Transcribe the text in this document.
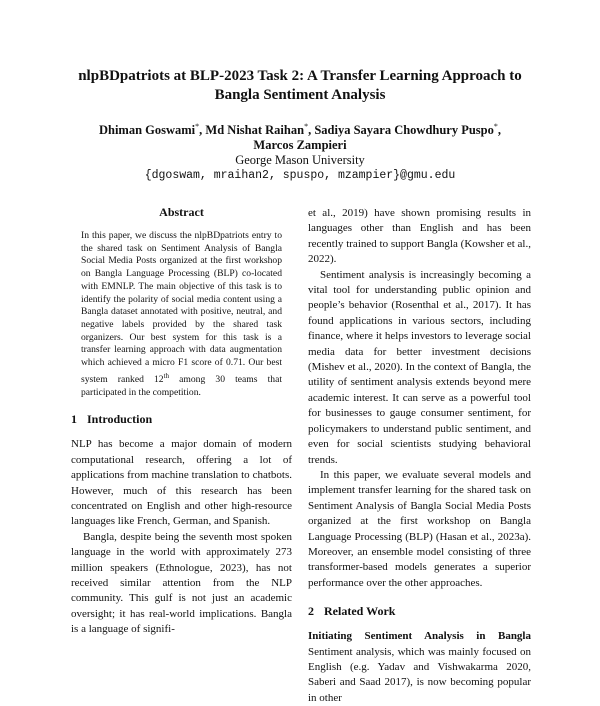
nlpBDpatriots at BLP-2023 Task 2: A Transfer Learning Approach to Bangla Sentiment Analysis
Dhiman Goswami*, Md Nishat Raihan*, Sadiya Sayara Chowdhury Puspo*,
Marcos Zampieri
George Mason University
{dgoswam, mraihan2, spuspo, mzampier}@gmu.edu
Abstract
In this paper, we discuss the nlpBDpatriots entry to the shared task on Sentiment Analysis of Bangla Social Media Posts organized at the first workshop on Bangla Language Processing (BLP) co-located with EMNLP. The main objective of this task is to identify the polarity of social media content using a Bangla dataset annotated with positive, neutral, and negative labels provided by the shared task organizers. Our best system for this task is a transfer learning approach with data augmentation which achieved a micro F1 score of 0.71. Our best system ranked 12th among 30 teams that participated in the competition.
1 Introduction

NLP has become a major domain of modern computational research, offering a lot of applications from machine translation to chatbots. However, much of this research has been concentrated on English and other high-resource languages like French, German, and Spanish.

Bangla, despite being the seventh most spoken language in the world with approximately 273 million speakers (Ethnologue, 2023), has not received similar attention from the NLP community. This gulf is not just an academic oversight; it has real-world implications. Bangla is a language of signifi-

et al., 2019) have shown promising results in languages other than English and has been recently trained to support Bangla (Kowsher et al., 2022).

Sentiment analysis is increasingly becoming a vital tool for understanding public opinion and people’s behavior (Rosenthal et al., 2017). It has found applications in various sectors, including finance, where it helps investors to leverage social media data for better investment decisions (Mishev et al., 2020). In the context of Bangla, the utility of sentiment analysis extends beyond mere academic interest. It can serve as a powerful tool for businesses to gauge consumer sentiment, for policymakers to understand public sentiment, and even for social scientists studying behavioral trends.

In this paper, we evaluate several models and implement transfer learning for the shared task on Sentiment Analysis of Bangla Social Media Posts organized at the first workshop on Bangla Language Processing (BLP) (Hasan et al., 2023a). Moreover, an ensemble model consisting of three transformer-based models generates a superior performance over the other approaches.

2 Related Work

Initiating Sentiment Analysis in Bangla Sentiment analysis, which was mainly focused on English (e.g. Yadav and Vishwakarma 2020, Saberi and Saad 2017), is now becoming popular in other
